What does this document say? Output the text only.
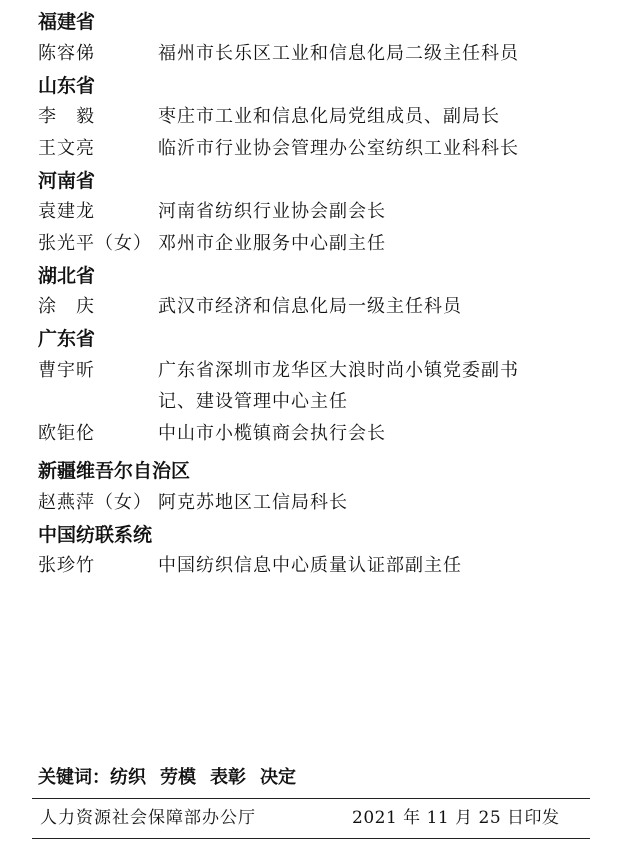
福建省
陈容俤	福州市长乐区工业和信息化局二级主任科员
山东省
李　毅	枣庄市工业和信息化局党组成员、副局长
王文亮	临沂市行业协会管理办公室纺织工业科科长
河南省
袁建龙	河南省纺织行业协会副会长
张光平（女） 邓州市企业服务中心副主任
湖北省
涂　庆	武汉市经济和信息化局一级主任科员
广东省
曹宇昕	广东省深圳市龙华区大浪时尚小镇党委副书
记、建设管理中心主任
欧钜伦	中山市小榄镇商会执行会长
新疆维吾尔自治区
赵燕萍（女） 阿克苏地区工信局科长
中国纺联系统
张珍竹	中国纺织信息中心质量认证部副主任
关键词：纺织 劳模 表彰 决定
人力资源社会保障部办公厅	2021 年 11 月 25 日印发
